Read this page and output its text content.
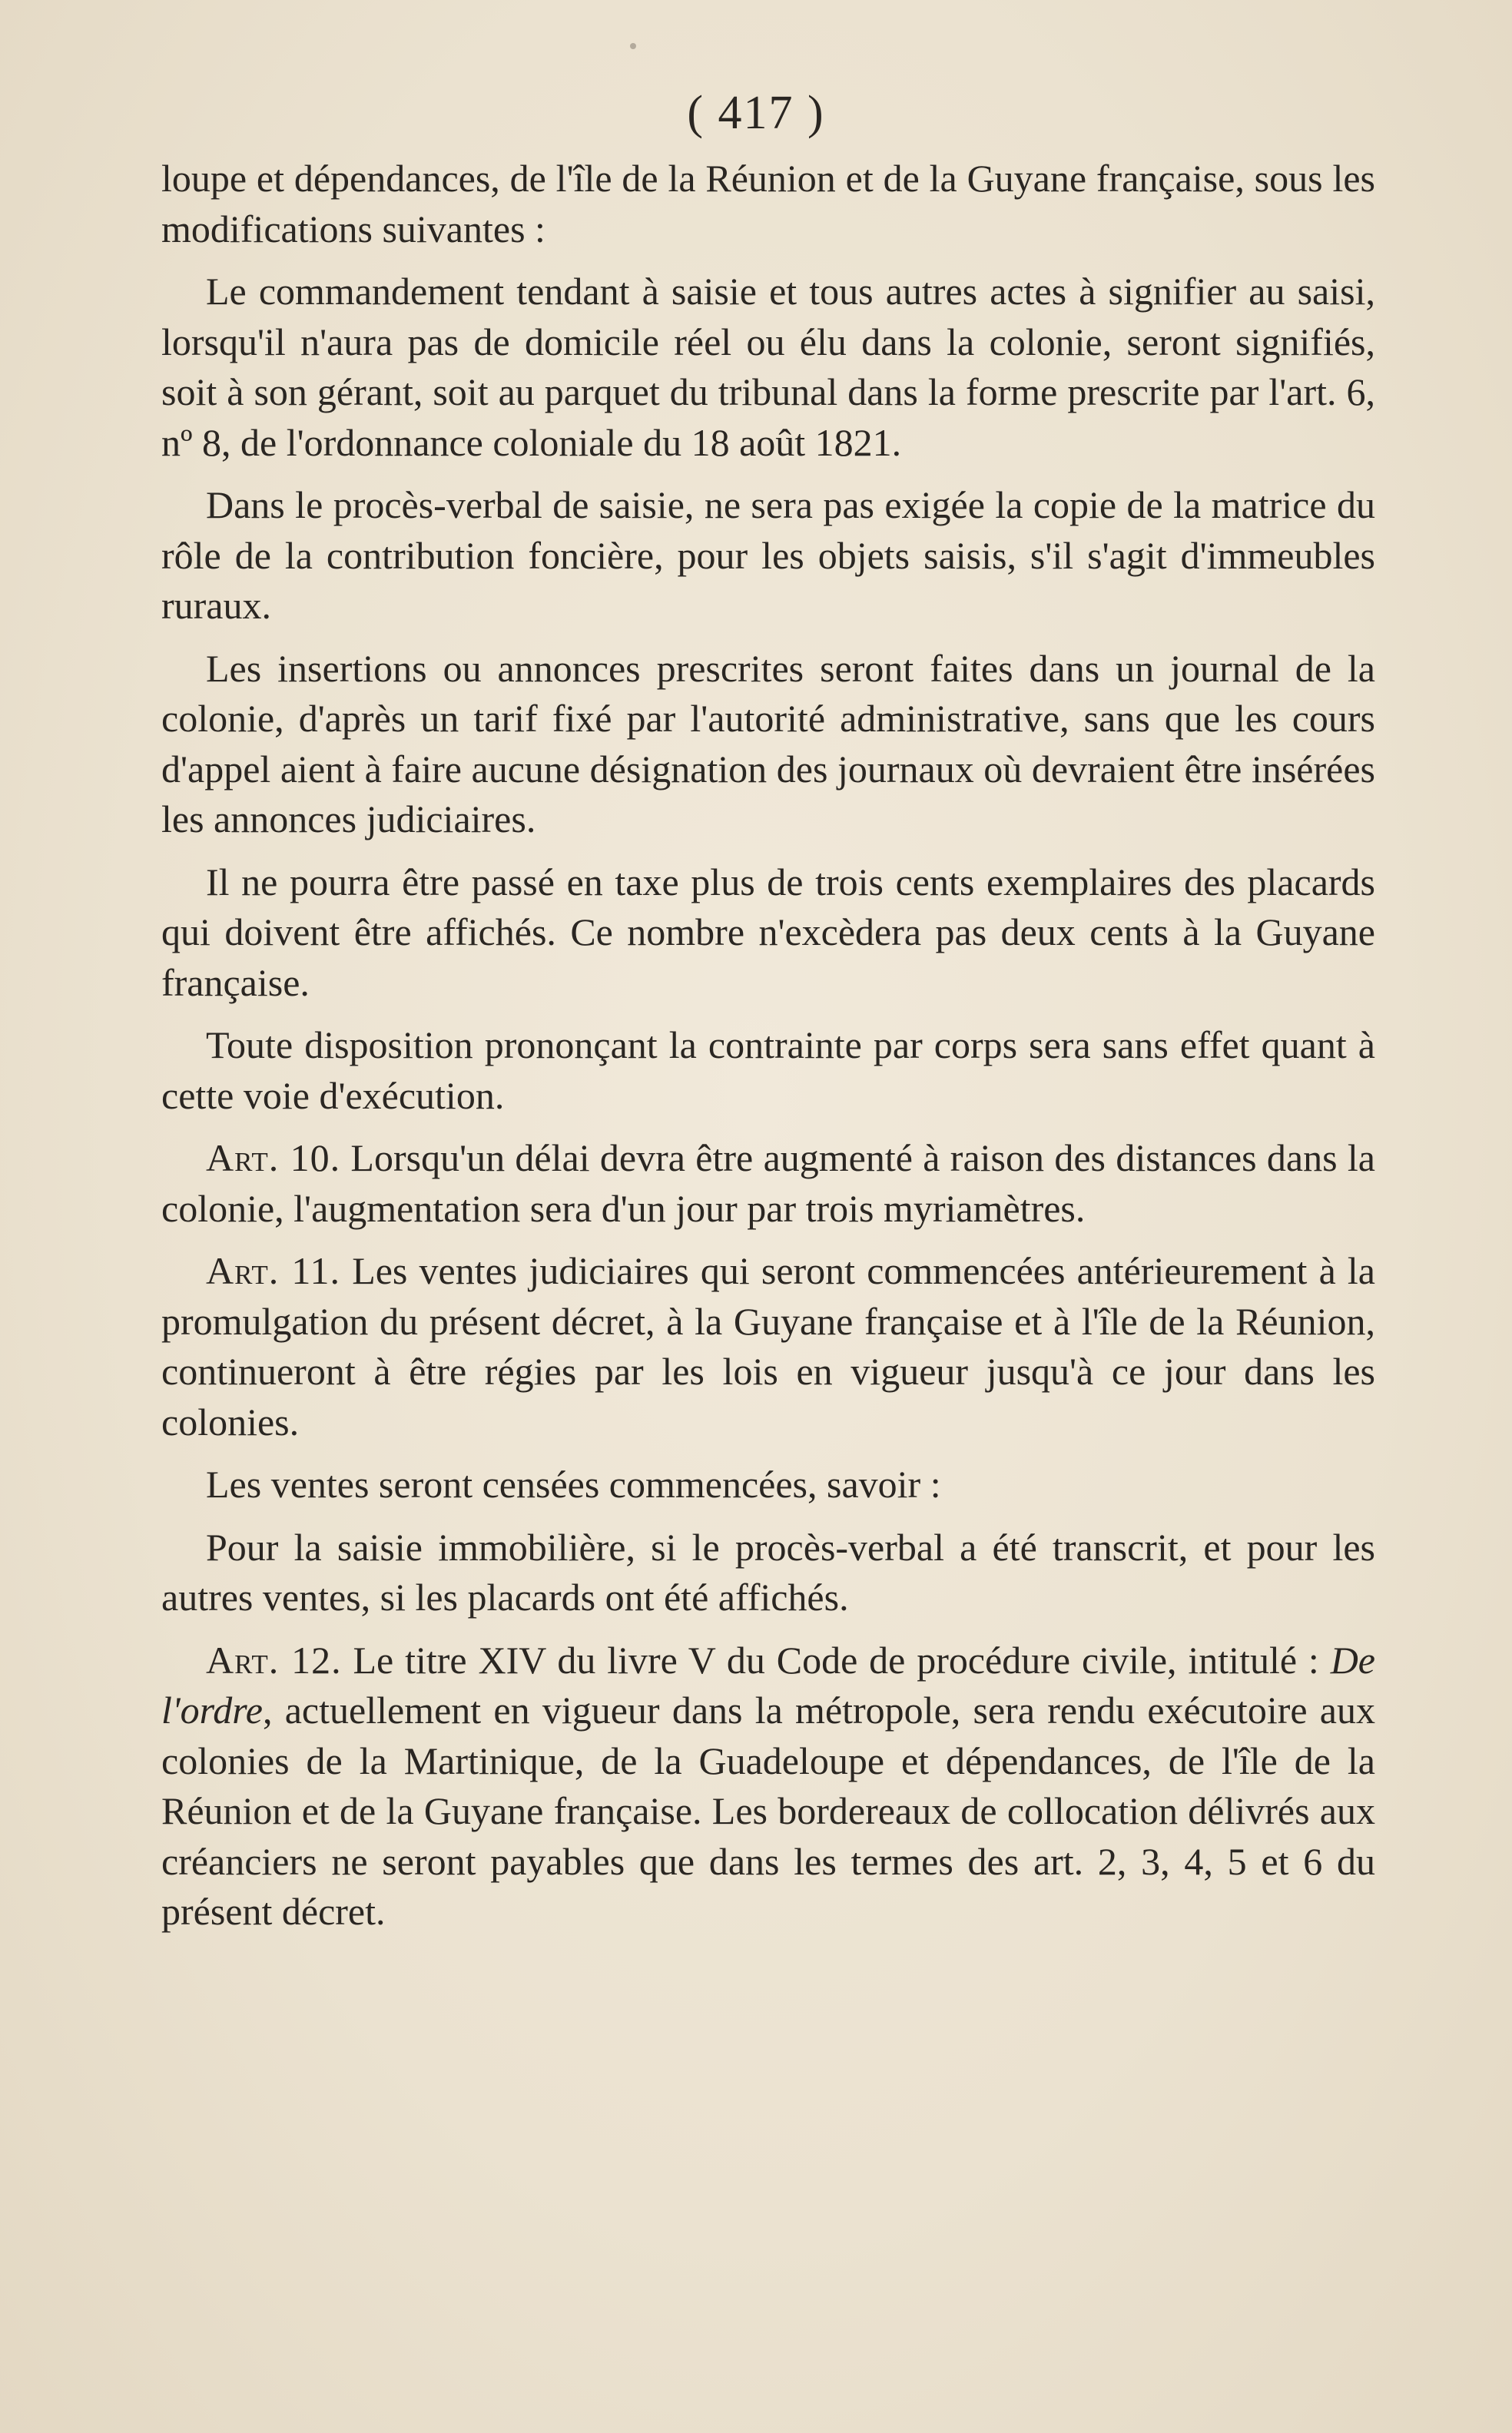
( 417 )

loupe et dépendances, de l'île de la Réunion et de la Guyane française, sous les modifications suivantes :

Le commandement tendant à saisie et tous autres actes à signifier au saisi, lorsqu'il n'aura pas de domicile réel ou élu dans la colonie, seront signifiés, soit à son gérant, soit au parquet du tribunal dans la forme prescrite par l'art. 6, nº 8, de l'ordonnance coloniale du 18 août 1821.

Dans le procès-verbal de saisie, ne sera pas exigée la copie de la matrice du rôle de la contribution foncière, pour les objets saisis, s'il s'agit d'immeubles ruraux.

Les insertions ou annonces prescrites seront faites dans un journal de la colonie, d'après un tarif fixé par l'autorité administrative, sans que les cours d'appel aient à faire aucune désignation des journaux où devraient être insérées les annonces judiciaires.

Il ne pourra être passé en taxe plus de trois cents exemplaires des placards qui doivent être affichés. Ce nombre n'excèdera pas deux cents à la Guyane française.

Toute disposition prononçant la contrainte par corps sera sans effet quant à cette voie d'exécution.

Art. 10. Lorsqu'un délai devra être augmenté à raison des distances dans la colonie, l'augmentation sera d'un jour par trois myriamètres.

Art. 11. Les ventes judiciaires qui seront commencées antérieurement à la promulgation du présent décret, à la Guyane française et à l'île de la Réunion, continueront à être régies par les lois en vigueur jusqu'à ce jour dans les colonies.

Les ventes seront censées commencées, savoir :

Pour la saisie immobilière, si le procès-verbal a été transcrit, et pour les autres ventes, si les placards ont été affichés.

Art. 12. Le titre XIV du livre V du Code de procédure civile, intitulé : De l'ordre, actuellement en vigueur dans la métropole, sera rendu exécutoire aux colonies de la Martinique, de la Guadeloupe et dépendances, de l'île de la Réunion et de la Guyane française. Les bordereaux de collocation délivrés aux créanciers ne seront payables que dans les termes des art. 2, 3, 4, 5 et 6 du présent décret.
